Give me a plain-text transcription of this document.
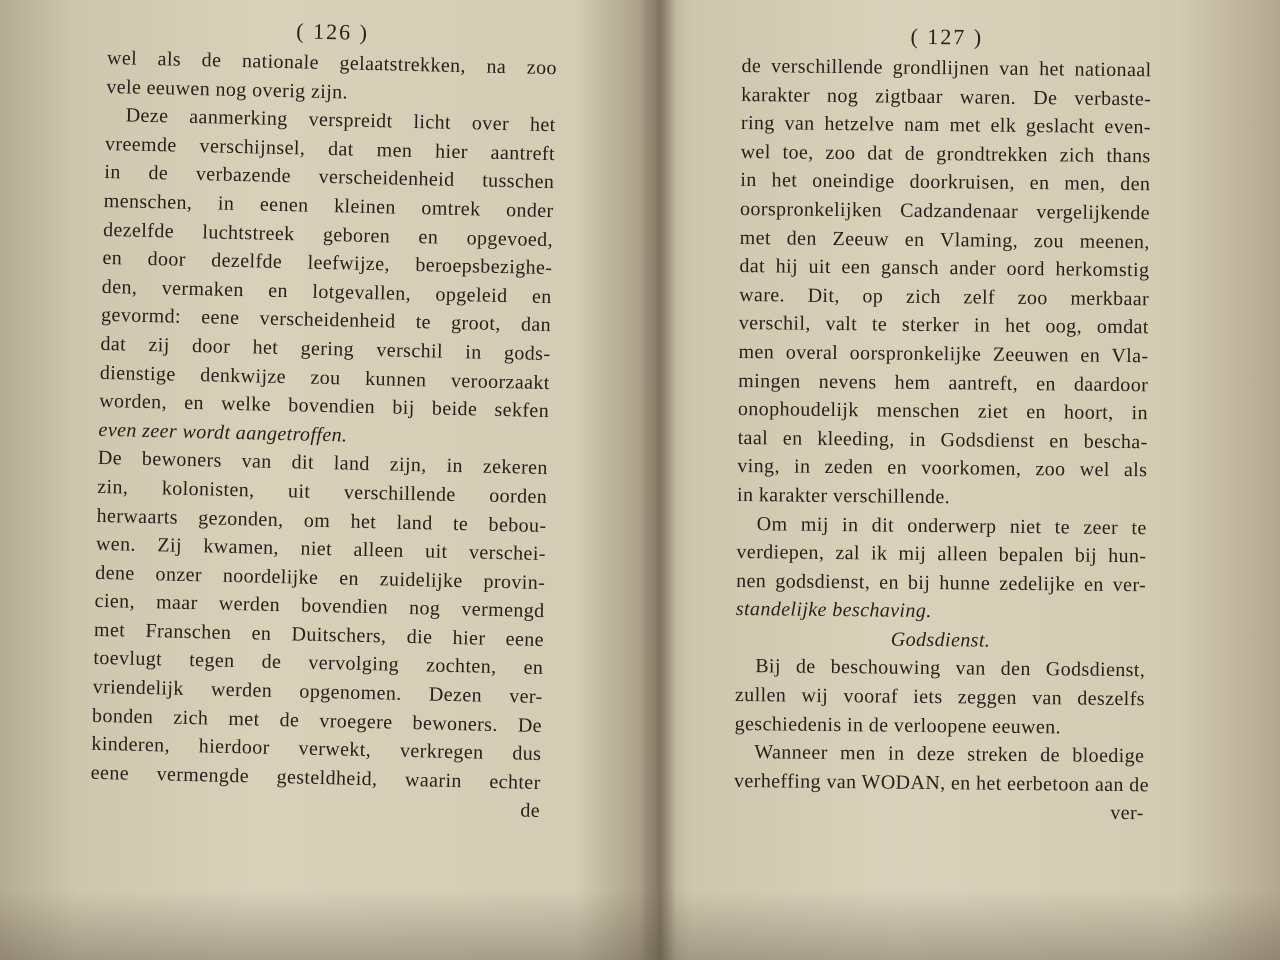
( 126 )
wel als de nationale gelaatstrekken, na zoo
vele eeuwen nog overig zijn.
Deze aanmerking verspreidt licht over het
vreemde verschijnsel, dat men hier aantreft
in de verbazende verscheidenheid tusschen
menschen, in eenen kleinen omtrek onder
dezelfde luchtstreek geboren en opgevoed,
en door dezelfde leefwijze, beroepsbezighe-
den, vermaken en lotgevallen, opgeleid en
gevormd: eene verscheidenheid te groot, dan
dat zij door het gering verschil in gods-
dienstige denkwijze zou kunnen veroorzaakt
worden, en welke bovendien bij beide sekfen
even zeer wordt aangetroffen.
De bewoners van dit land zijn, in zekeren
zin, kolonisten, uit verschillende oorden
herwaarts gezonden, om het land te bebou-
wen. Zij kwamen, niet alleen uit verschei-
dene onzer noordelijke en zuidelijke provin-
cien, maar werden bovendien nog vermengd
met Franschen en Duitschers, die hier eene
toevlugt tegen de vervolging zochten, en
vriendelijk werden opgenomen. Dezen ver-
bonden zich met de vroegere bewoners. De
kinderen, hierdoor verwekt, verkregen dus
eene vermengde gesteldheid, waarin echter
de
( 127 )
de verschillende grondlijnen van het nationaal
karakter nog zigtbaar waren. De verbaste-
ring van hetzelve nam met elk geslacht even-
wel toe, zoo dat de grondtrekken zich thans
in het oneindige doorkruisen, en men, den
oorspronkelijken Cadzandenaar vergelijkende
met den Zeeuw en Vlaming, zou meenen,
dat hij uit een gansch ander oord herkomstig
ware. Dit, op zich zelf zoo merkbaar
verschil, valt te sterker in het oog, omdat
men overal oorspronkelijke Zeeuwen en Vla-
mingen nevens hem aantreft, en daardoor
onophoudelijk menschen ziet en hoort, in
taal en kleeding, in Godsdienst en bescha-
ving, in zeden en voorkomen, zoo wel als
in karakter verschillende.
Om mij in dit onderwerp niet te zeer te
verdiepen, zal ik mij alleen bepalen bij hun-
nen godsdienst, en bij hunne zedelijke en ver-
standelijke beschaving.
Godsdienst.
Bij de beschouwing van den Godsdienst,
zullen wij vooraf iets zeggen van deszelfs
geschiedenis in de verloopene eeuwen.
Wanneer men in deze streken de bloedige
verheffing van WODAN, en het eerbetoon aan de
ver-
